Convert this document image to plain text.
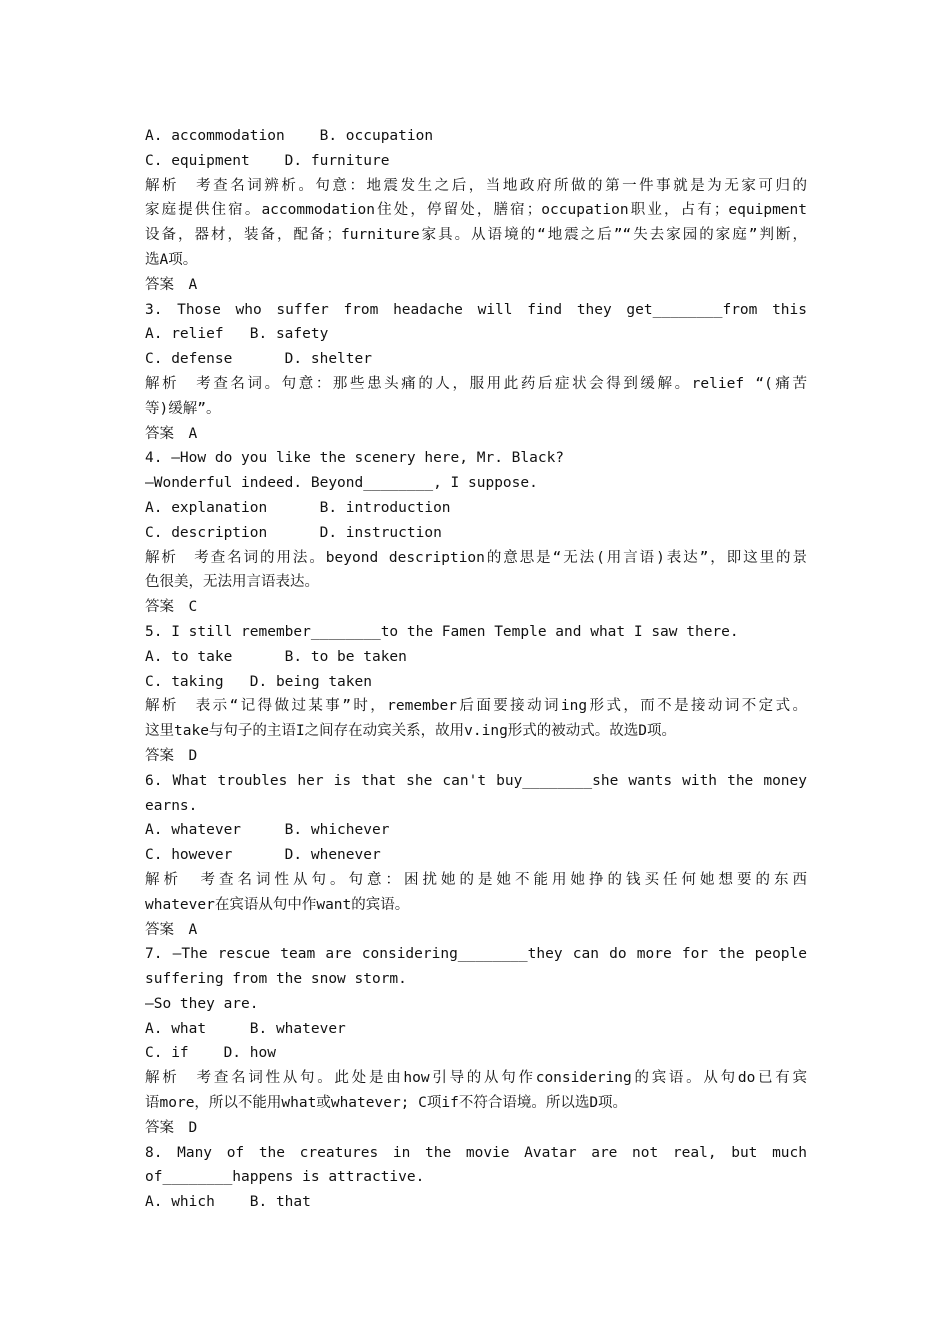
A. accommodation    B. occupation
C. equipment    D. furniture
解析　考查名词辨析。句意：地震发生之后，当地政府所做的第一件事就是为无家可归的
家庭提供住宿。accommodation住处，停留处，膳宿；occupation职业，占有；equipment
设备，器材，装备，配备；furniture家具。从语境的“地震之后”“失去家园的家庭”判断，
选A项。
答案　A
3. Those who suffer from headache will find they get________from this
A. relief   B. safety
C. defense      D. shelter
解析　考查名词。句意：那些患头痛的人，服用此药后症状会得到缓解。relief “(痛苦
等)缓解”。
答案　A
4. —How do you like the scenery here, Mr. Black?
—Wonderful indeed. Beyond________, I suppose.
A. explanation      B. introduction
C. description      D. instruction
解析　考查名词的用法。beyond description的意思是“无法(用言语)表达”，即这里的景
色很美，无法用言语表达。
答案　C
5. I still remember________to the Famen Temple and what I saw there.
A. to take      B. to be taken
C. taking   D. being taken
解析　表示“记得做过某事”时，remember后面要接动词ing形式，而不是接动词不定式。
这里take与句子的主语I之间存在动宾关系，故用v.ing形式的被动式。故选D项。
答案　D
6. What troubles her is that she can't buy________she wants with the money
earns.
A. whatever     B. whichever
C. however      D. whenever
解析　考查名词性从句。句意：困扰她的是她不能用她挣的钱买任何她想要的东西
whatever在宾语从句中作want的宾语。
答案　A
7. —The rescue team are considering________they can do more for the people
suffering from the snow storm.
—So they are.
A. what     B. whatever
C. if    D. how
解析　考查名词性从句。此处是由how引导的从句作considering的宾语。从句do已有宾
语more，所以不能用what或whatever; C项if不符合语境。所以选D项。
答案　D
8. Many of the creatures in the movie Avatar are not real, but much
of________happens is attractive.
A. which    B. that
